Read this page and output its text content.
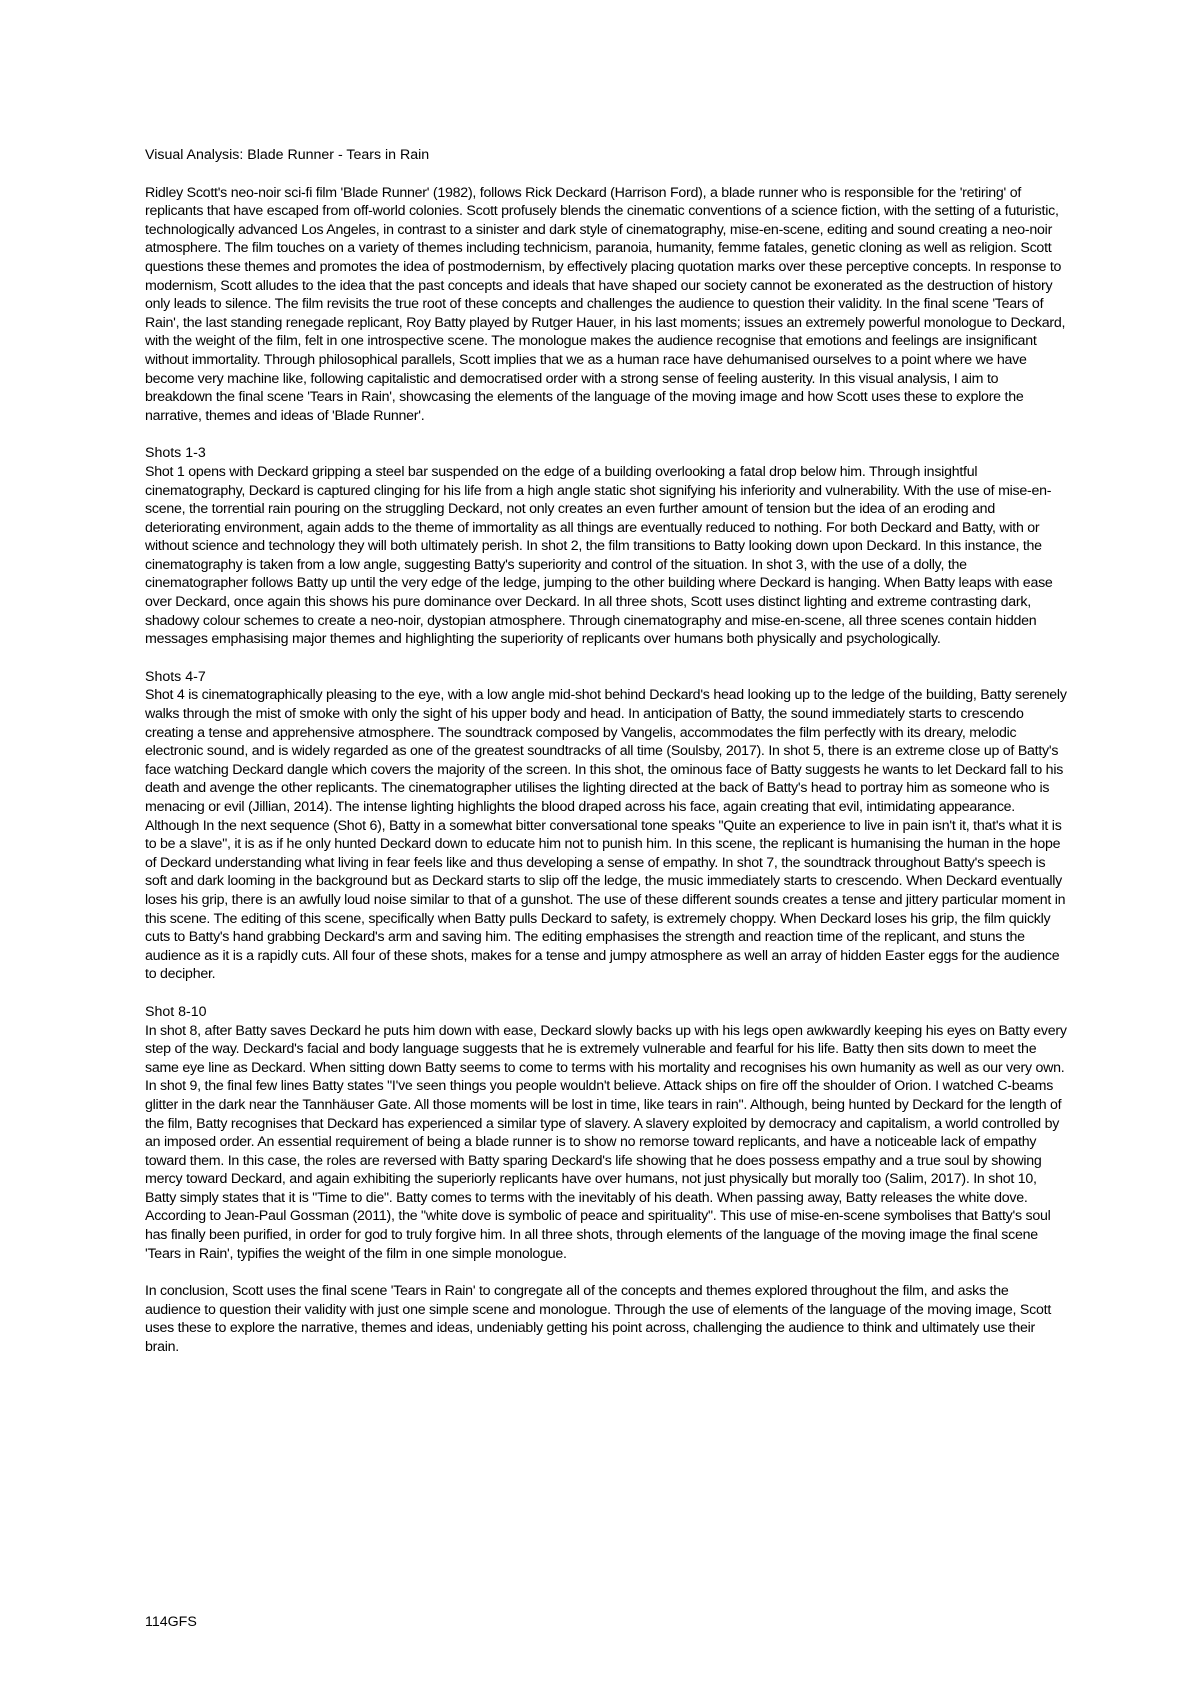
Visual Analysis: Blade Runner - Tears in Rain

Ridley Scott's neo-noir sci-fi film 'Blade Runner' (1982), follows Rick Deckard (Harrison Ford), a blade runner who is responsible for the 'retiring' of replicants that have escaped from off-world colonies. Scott profusely blends the cinematic conventions of a science fiction, with the setting of a futuristic, technologically advanced Los Angeles, in contrast to a sinister and dark style of cinematography, mise-en-scene, editing and sound creating a neo-noir atmosphere. The film touches on a variety of themes including technicism, paranoia, humanity, femme fatales, genetic cloning as well as religion. Scott questions these themes and promotes the idea of postmodernism, by effectively placing quotation marks over these perceptive concepts. In response to modernism, Scott alludes to the idea that the past concepts and ideals that have shaped our society cannot be exonerated as the destruction of history only leads to silence. The film revisits the true root of these concepts and challenges the audience to question their validity. In the final scene 'Tears of Rain', the last standing renegade replicant, Roy Batty played by Rutger Hauer, in his last moments; issues an extremely powerful monologue to Deckard, with the weight of the film, felt in one introspective scene. The monologue makes the audience recognise that emotions and feelings are insignificant without immortality. Through philosophical parallels, Scott implies that we as a human race have dehumanised ourselves to a point where we have become very machine like, following capitalistic and democratised order with a strong sense of feeling austerity. In this visual analysis, I aim to breakdown the final scene 'Tears in Rain', showcasing the elements of the language of the moving image and how Scott uses these to explore the narrative, themes and ideas of 'Blade Runner'.

Shots 1-3

Shot 1 opens with Deckard gripping a steel bar suspended on the edge of a building overlooking a fatal drop below him. Through insightful cinematography, Deckard is captured clinging for his life from a high angle static shot signifying his inferiority and vulnerability. With the use of mise-en-scene, the torrential rain pouring on the struggling Deckard, not only creates an even further amount of tension but the idea of an eroding and deteriorating environment, again adds to the theme of immortality as all things are eventually reduced to nothing. For both Deckard and Batty, with or without science and technology they will both ultimately perish. In shot 2, the film transitions to Batty looking down upon Deckard. In this instance, the cinematography is taken from a low angle, suggesting Batty's superiority and control of the situation. In shot 3, with the use of a dolly, the cinematographer follows Batty up until the very edge of the ledge, jumping to the other building where Deckard is hanging. When Batty leaps with ease over Deckard, once again this shows his pure dominance over Deckard. In all three shots, Scott uses distinct lighting and extreme contrasting dark, shadowy colour schemes to create a neo-noir, dystopian atmosphere. Through cinematography and mise-en-scene, all three scenes contain hidden messages emphasising major themes and highlighting the superiority of replicants over humans both physically and psychologically.

Shots 4-7

Shot 4 is cinematographically pleasing to the eye, with a low angle mid-shot behind Deckard's head looking up to the ledge of the building, Batty serenely walks through the mist of smoke with only the sight of his upper body and head. In anticipation of Batty, the sound immediately starts to crescendo creating a tense and apprehensive atmosphere. The soundtrack composed by Vangelis, accommodates the film perfectly with its dreary, melodic electronic sound, and is widely regarded as one of the greatest soundtracks of all time (Soulsby, 2017). In shot 5, there is an extreme close up of Batty's face watching Deckard dangle which covers the majority of the screen. In this shot, the ominous face of Batty suggests he wants to let Deckard fall to his death and avenge the other replicants. The cinematographer utilises the lighting directed at the back of Batty's head to portray him as someone who is menacing or evil (Jillian, 2014). The intense lighting highlights the blood draped across his face, again creating that evil, intimidating appearance. Although In the next sequence (Shot 6), Batty in a somewhat bitter conversational tone speaks "Quite an experience to live in pain isn't it, that's what it is to be a slave", it is as if he only hunted Deckard down to educate him not to punish him. In this scene, the replicant is humanising the human in the hope of Deckard understanding what living in fear feels like and thus developing a sense of empathy. In shot 7, the soundtrack throughout Batty's speech is soft and dark looming in the background but as Deckard starts to slip off the ledge, the music immediately starts to crescendo. When Deckard eventually loses his grip, there is an awfully loud noise similar to that of a gunshot. The use of these different sounds creates a tense and jittery particular moment in this scene. The editing of this scene, specifically when Batty pulls Deckard to safety, is extremely choppy. When Deckard loses his grip, the film quickly cuts to Batty's hand grabbing Deckard's arm and saving him. The editing emphasises the strength and reaction time of the replicant, and stuns the audience as it is a rapidly cuts. All four of these shots, makes for a tense and jumpy atmosphere as well an array of hidden Easter eggs for the audience to decipher.

Shot 8-10

In shot 8, after Batty saves Deckard he puts him down with ease, Deckard slowly backs up with his legs open awkwardly keeping his eyes on Batty every step of the way. Deckard's facial and body language suggests that he is extremely vulnerable and fearful for his life. Batty then sits down to meet the same eye line as Deckard. When sitting down Batty seems to come to terms with his mortality and recognises his own humanity as well as our very own. In shot 9, the final few lines Batty states "I've seen things you people wouldn't believe. Attack ships on fire off the shoulder of Orion. I watched C-beams glitter in the dark near the Tannhäuser Gate. All those moments will be lost in time, like tears in rain". Although, being hunted by Deckard for the length of the film, Batty recognises that Deckard has experienced a similar type of slavery. A slavery exploited by democracy and capitalism, a world controlled by an imposed order. An essential requirement of being a blade runner is to show no remorse toward replicants, and have a noticeable lack of empathy toward them. In this case, the roles are reversed with Batty sparing Deckard's life showing that he does possess empathy and a true soul by showing mercy toward Deckard, and again exhibiting the superiorly replicants have over humans, not just physically but morally too (Salim, 2017). In shot 10, Batty simply states that it is "Time to die". Batty comes to terms with the inevitably of his death. When passing away, Batty releases the white dove. According to Jean-Paul Gossman (2011), the "white dove is symbolic of peace and spirituality". This use of mise-en-scene symbolises that Batty's soul has finally been purified, in order for god to truly forgive him. In all three shots, through elements of the language of the moving image the final scene 'Tears in Rain', typifies the weight of the film in one simple monologue.

In conclusion, Scott uses the final scene 'Tears in Rain' to congregate all of the concepts and themes explored throughout the film, and asks the audience to question their validity with just one simple scene and monologue. Through the use of elements of the language of the moving image, Scott uses these to explore the narrative, themes and ideas, undeniably getting his point across, challenging the audience to think and ultimately use their brain.

114GFS
